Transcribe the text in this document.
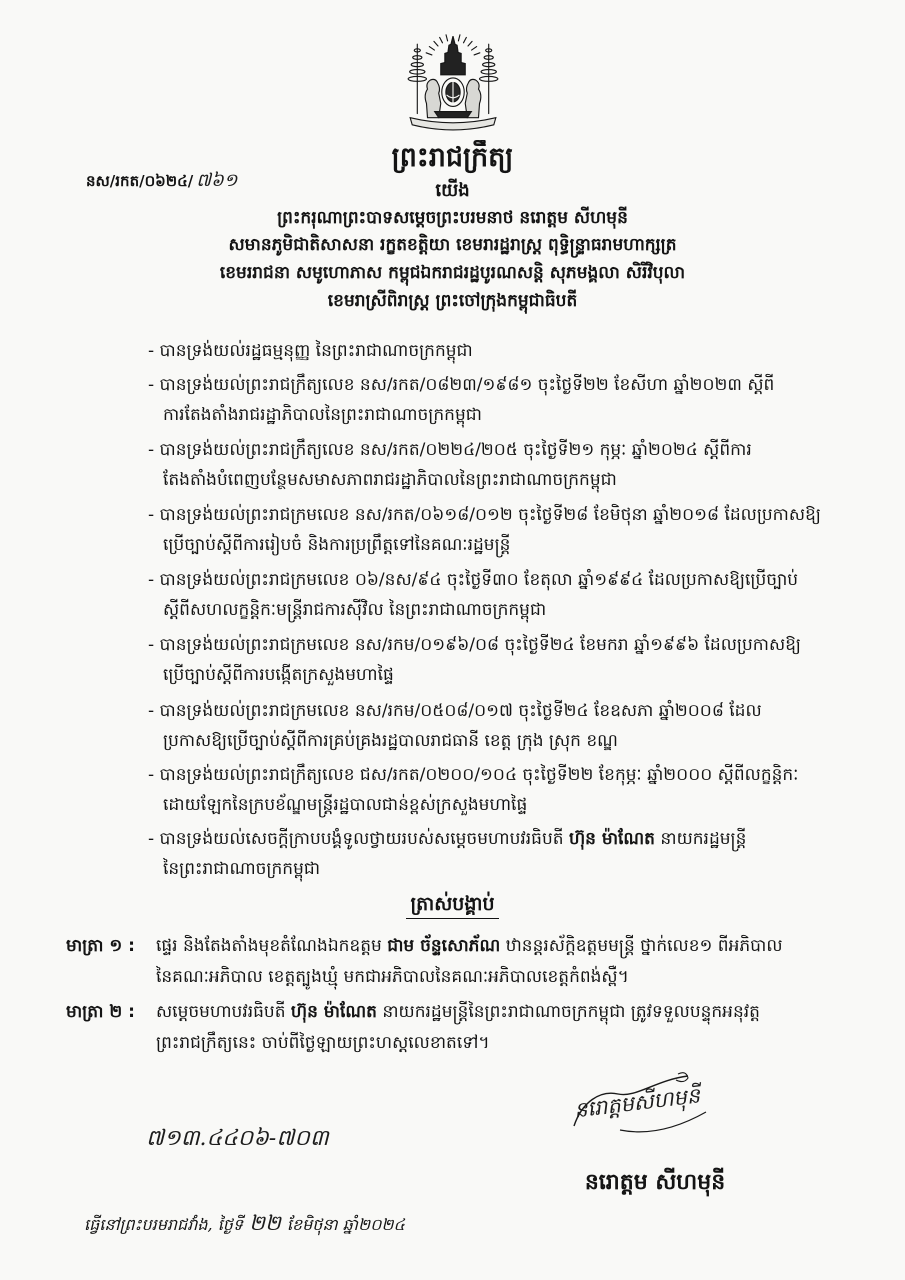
នស/រកត/០៦២៤/ ៧៦១
ព្រះរាជក្រឹត្យ
យើង
ព្រះករុណាព្រះបាទសម្តេចព្រះបរមនាថ នរោត្តម សីហមុនី
សមានភូមិជាតិសាសនា រក្ខតខត្តិយា ខេមរារដ្ឋរាស្ត្រ ពុទ្ធិន្ទ្រាធរាមហាក្សត្រ
ខេមររាជនា សមូហោភាស កម្ពុជឯករាជរដ្ឋបូរណសន្តិ សុភមង្គលា សិរីវិបុលា
ខេមរាស្រីពិរាស្ត្រ ព្រះចៅក្រុងកម្ពុជាធិបតី
- បានទ្រង់យល់រដ្ឋធម្មនុញ្ញ នៃព្រះរាជាណាចក្រកម្ពុជា
- បានទ្រង់យល់ព្រះរាជក្រឹត្យលេខ នស/រកត/០៨២៣/១៩៨១ ចុះថ្ងៃទី២២ ខែសីហា ឆ្នាំ២០២៣ ស្តីពី
ការតែងតាំងរាជរដ្ឋាភិបាលនៃព្រះរាជាណាចក្រកម្ពុជា
- បានទ្រង់យល់ព្រះរាជក្រឹត្យលេខ នស/រកត/០២២៤/២០៥ ចុះថ្ងៃទី២១ កុម្ភៈ ឆ្នាំ២០២៤ ស្តីពីការ
តែងតាំងបំពេញបន្ថែមសមាសភាពរាជរដ្ឋាភិបាលនៃព្រះរាជាណាចក្រកម្ពុជា
- បានទ្រង់យល់ព្រះរាជក្រមលេខ នស/រកត/០៦១៨/០១២ ចុះថ្ងៃទី២៨ ខែមិថុនា ឆ្នាំ២០១៨ ដែលប្រកាសឱ្យ
ប្រើច្បាប់ស្តីពីការរៀបចំ និងការប្រព្រឹត្តទៅនៃគណៈរដ្ឋមន្ត្រី
- បានទ្រង់យល់ព្រះរាជក្រមលេខ ០៦/នស/៩៤ ចុះថ្ងៃទី៣០ ខែតុលា ឆ្នាំ១៩៩៤ ដែលប្រកាសឱ្យប្រើច្បាប់
ស្តីពីសហលក្ខន្តិកៈមន្ត្រីរាជការស៊ីវិល នៃព្រះរាជាណាចក្រកម្ពុជា
- បានទ្រង់យល់ព្រះរាជក្រមលេខ នស/រកម/០១៩៦/០៨ ចុះថ្ងៃទី២៤ ខែមករា ឆ្នាំ១៩៩៦ ដែលប្រកាសឱ្យ
ប្រើច្បាប់ស្តីពីការបង្កើតក្រសួងមហាផ្ទៃ
- បានទ្រង់យល់ព្រះរាជក្រមលេខ នស/រកម/០៥០៨/០១៧ ចុះថ្ងៃទី២៤ ខែឧសភា ឆ្នាំ២០០៨ ដែល
ប្រកាសឱ្យប្រើច្បាប់ស្តីពីការគ្រប់គ្រងរដ្ឋបាលរាជធានី ខេត្ត ក្រុង ស្រុក ខណ្ឌ
- បានទ្រង់យល់ព្រះរាជក្រឹត្យលេខ ជស/រកត/០២០០/១០៤ ចុះថ្ងៃទី២២ ខែកុម្ភៈ ឆ្នាំ២០០០ ស្តីពីលក្ខន្តិកៈ
ដោយឡែកនៃក្របខ័ណ្ឌមន្ត្រីរដ្ឋបាលជាន់ខ្ពស់ក្រសួងមហាផ្ទៃ
- បានទ្រង់យល់សេចក្តីក្រាបបង្គំទូលថ្វាយរបស់សម្តេចមហាបវរធិបតី ហ៊ុន ម៉ាណែត នាយករដ្ឋមន្ត្រី
នៃព្រះរាជាណាចក្រកម្ពុជា
ត្រាស់បង្គាប់
មាត្រា ១ :	ផ្ទេរ និងតែងតាំងមុខតំណែងឯកឧត្តម ជាម ច័ន្ទសោភ័ណ ឋានន្តរស័ក្តិឧត្តមមន្ត្រី ថ្នាក់លេខ១ ពីអភិបាល
នៃគណៈអភិបាល ខេត្តត្បូងឃ្មុំ មកជាអភិបាលនៃគណៈអភិបាលខេត្តកំពង់ស្ពឺ។
មាត្រា ២ :	សម្តេចមហាបវរធិបតី ហ៊ុន ម៉ាណែត នាយករដ្ឋមន្ត្រីនៃព្រះរាជាណាចក្រកម្ពុជា ត្រូវទទួលបន្ទុកអនុវត្ត
ព្រះរាជក្រឹត្យនេះ ចាប់ពីថ្ងៃឡាយព្រះហស្តលេខាតទៅ។
នរោត្តមសីហមុនី
៧១៣.៤៤០៦-៧០៣
នរោត្តម សីហមុនី
ធ្វើនៅព្រះបរមរាជវាំង, ថ្ងៃទី ២២ ខែមិថុនា ឆ្នាំ២០២៤
